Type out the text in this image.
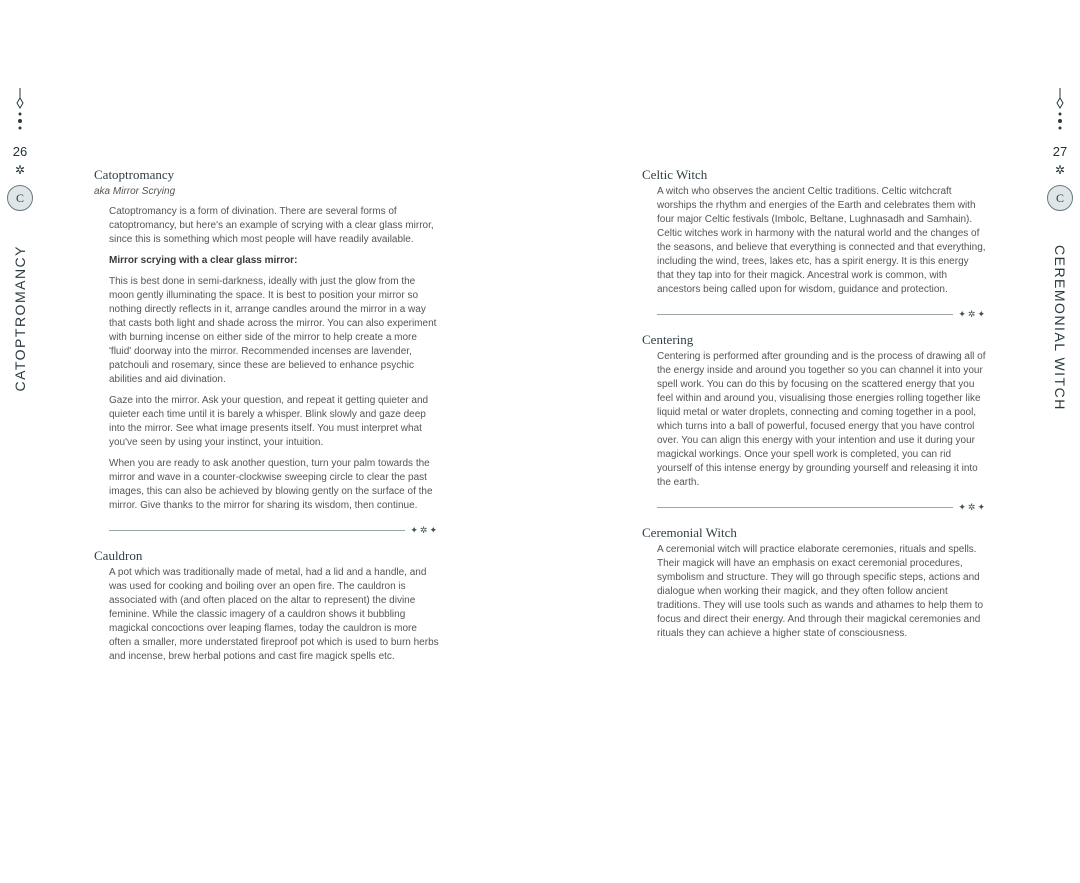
26
✲
C
CATOPTROMANCY
Catoptromancy
aka Mirror Scrying

Catoptromancy is a form of divination. There are several forms of catoptromancy, but here's an example of scrying with a clear glass mirror, since this is something which most people will have readily available.

Mirror scrying with a clear glass mirror:

This is best done in semi-darkness, ideally with just the glow from the moon gently illuminating the space. It is best to position your mirror so nothing directly reflects in it, arrange candles around the mirror in a way that casts both light and shade across the mirror. You can also experiment with burning incense on either side of the mirror to help create a more 'fluid' doorway into the mirror. Recommended incenses are lavender, patchouli and rosemary, since these are believed to enhance psychic abilities and aid divination.

Gaze into the mirror. Ask your question, and repeat it getting quieter and quieter each time until it is barely a whisper. Blink slowly and gaze deep into the mirror. See what image presents itself. You must interpret what you've seen by using your instinct, your intuition.

When you are ready to ask another question, turn your palm towards the mirror and wave in a counter-clockwise sweeping circle to clear the past images, this can also be achieved by blowing gently on the surface of the mirror. Give thanks to the mirror for sharing its wisdom, then continue.

✦✲✦
Cauldron

A pot which was traditionally made of metal, had a lid and a handle, and was used for cooking and boiling over an open fire. The cauldron is associated with (and often placed on the altar to represent) the divine feminine. While the classic imagery of a cauldron shows it bubbling magickal concoctions over leaping flames, today the cauldron is more often a smaller, more understated fireproof pot which is used to burn herbs and incense, brew herbal potions and cast fire magick spells etc.

27
✲
C
CEREMONIAL WITCH
Celtic Witch

A witch who observes the ancient Celtic traditions. Celtic witchcraft worships the rhythm and energies of the Earth and celebrates them with four major Celtic festivals (Imbolc, Beltane, Lughnasadh and Samhain). Celtic witches work in harmony with the natural world and the changes of the seasons, and believe that everything is connected and that everything, including the wind, trees, lakes etc, has a spirit energy. It is this energy that they tap into for their magick. Ancestral work is common, with ancestors being called upon for wisdom, guidance and protection.

✦✲✦
Centering

Centering is performed after grounding and is the process of drawing all of the energy inside and around you together so you can channel it into your spell work. You can do this by focusing on the scattered energy that you feel within and around you, visualising those energies rolling together like liquid metal or water droplets, connecting and coming together in a pool, which turns into a ball of powerful, focused energy that you have control over. You can align this energy with your intention and use it during your magickal workings. Once your spell work is completed, you can rid yourself of this intense energy by grounding yourself and releasing it into the earth.

✦✲✦
Ceremonial Witch

A ceremonial witch will practice elaborate ceremonies, rituals and spells. Their magick will have an emphasis on exact ceremonial procedures, symbolism and structure. They will go through specific steps, actions and dialogue when working their magick, and they often follow ancient traditions. They will use tools such as wands and athames to help them to focus and direct their energy. And through their magickal ceremonies and rituals they can achieve a higher state of consciousness.
